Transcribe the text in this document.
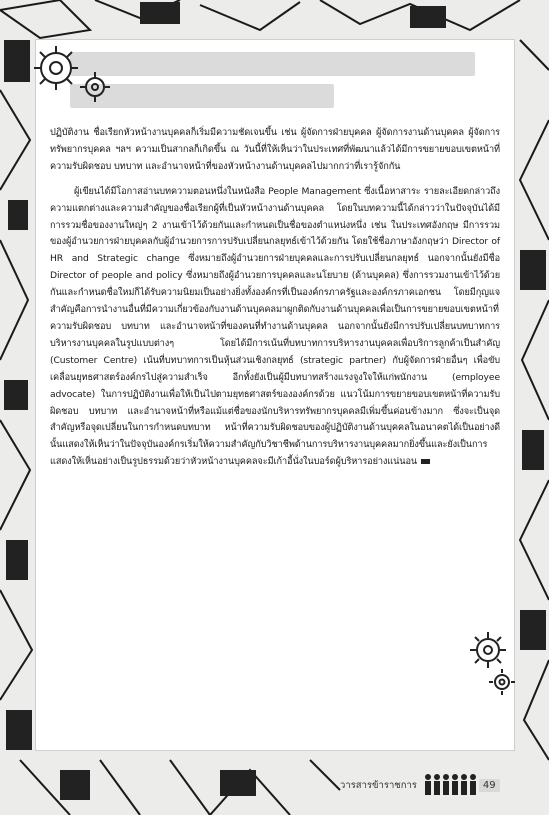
ปฏิบัติงาน ชื่อเรียกหัวหน้างานบุคคลก็เริ่มมีความชัดเจนขึ้น เช่น ผู้จัดการฝ่ายบุคคล ผู้จัดการงานด้านบุคคล ผู้จัดการทรัพยากรบุคคล ฯลฯ ความเป็นสากลก็เกิดขึ้น ณ วันนี้ที่ให้เห็นว่าในประเทศที่พัฒนาแล้วได้มีการขยายขอบเขตหน้าที่ความรับผิดชอบ บทบาท และอำนาจหน้าที่ของหัวหน้างานด้านบุคคลไปมากกว่าที่เรารู้จักกัน

ผู้เขียนได้มีโอกาสอ่านบทความตอนหนึ่งในหนังสือ People Management ซึ่งเนื้อหาสาระ รายละเอียดกล่าวถึงความแตกต่างและความสำคัญของชื่อเรียกผู้ที่เป็นหัวหน้างานด้านบุคคล โดยในบทความนี้ได้กล่าวว่าในปัจจุบันได้มีการรวมชื่อของงานใหญ่ๆ 2 งานเข้าไว้ด้วยกันและกำหนดเป็นชื่อของตำแหน่งหนึ่ง เช่น ในประเทศอังกฤษ มีการรวมของผู้อำนวยการฝ่ายบุคคลกับผู้อำนวยการการปรับเปลี่ยนกลยุทธ์เข้าไว้ด้วยกัน โดยใช้ชื่อภาษาอังกฤษว่า Director of HR and Strategic change ซึ่งหมายถึงผู้อำนวยการฝ่ายบุคคลและการปรับเปลี่ยนกลยุทธ์ นอกจากนั้นยังมีชื่อ Director of people and policy ซึ่งหมายถึงผู้อำนวยการบุคคลและนโยบาย (ด้านบุคคล) ซึ่งการรวมงานเข้าไว้ด้วยกันและกำหนดชื่อใหม่ก็ได้รับความนิยมเป็นอย่างยิ่งทั้งองค์กรที่เป็นองค์กรภาครัฐและองค์กรภาคเอกชน โดยมีกุญแจสำคัญคือการนำงานอื่นที่มีความเกี่ยวข้องกับงานด้านบุคคลมาผูกติดกับงานด้านบุคคลเพื่อเป็นการขยายขอบเขตหน้าที่ความรับผิดชอบ บทบาท และอำนาจหน้าที่ของคนที่ทำงานด้านบุคคล นอกจากนั้นยังมีการปรับเปลี่ยนบทบาทการบริหารงานบุคคลในรูปแบบต่างๆ โดยได้มีการเน้นที่บทบาทการบริหารงานบุคคลเพื่อบริการลูกค้าเป็นสำคัญ (Customer Centre) เน้นที่บทบาทการเป็นหุ้นส่วนเชิงกลยุทธ์ (strategic partner) กับผู้จัดการฝ่ายอื่นๆ เพื่อขับเคลื่อนยุทธศาสตร์องค์กรไปสู่ความสำเร็จ อีกทั้งยังเป็นผู้มีบทบาทสร้างแรงจูงใจให้แก่พนักงาน (employee advocate) ในการปฏิบัติงานเพื่อให้เป็นไปตามยุทธศาสตร์ขององค์กรด้วย แนวโน้มการขยายขอบเขตหน้าที่ความรับผิดชอบ บทบาท และอำนาจหน้าที่หรือแม้แต่ชื่อของนักบริหารทรัพยากรบุคคลมีเพิ่มขึ้นค่อนข้างมาก ซึ่งจะเป็นจุดสำคัญหรือจุดเปลี่ยนในการกำหนดบทบาท หน้าที่ความรับผิดชอบของผู้ปฏิบัติงานด้านบุคคลในอนาคตได้เป็นอย่างดี นั้นแสดงให้เห็นว่าในปัจจุบันองค์กรเริ่มให้ความสำคัญกับวิชาชีพด้านการบริหารงานบุคคลมากยิ่งขึ้นและยังเป็นการแสดงให้เห็นอย่างเป็นรูปธรรมด้วยว่าหัวหน้างานบุคคลจะมีเก้าอี้นั่งในบอร์ดผู้บริหารอย่างแน่นอน

วารสารข้าราชการ	49
